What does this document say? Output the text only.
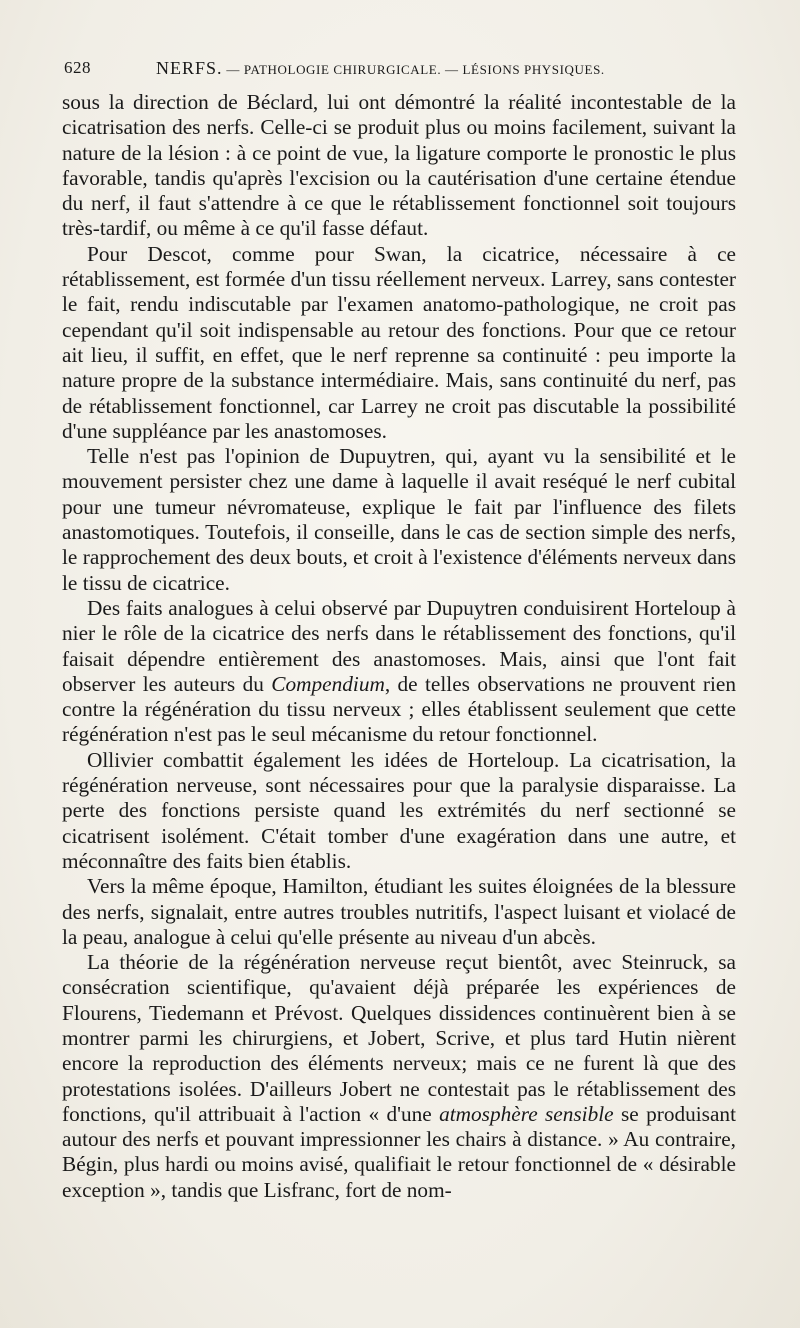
628	NERFS. — PATHOLOGIE CHIRURGICALE. — LÉSIONS PHYSIQUES.

sous la direction de Béclard, lui ont démontré la réalité incontestable de la cicatrisation des nerfs. Celle-ci se produit plus ou moins facilement, suivant la nature de la lésion : à ce point de vue, la ligature comporte le pronostic le plus favorable, tandis qu'après l'excision ou la cautérisation d'une certaine étendue du nerf, il faut s'attendre à ce que le rétablissement fonctionnel soit toujours très-tardif, ou même à ce qu'il fasse défaut.

Pour Descot, comme pour Swan, la cicatrice, nécessaire à ce rétablissement, est formée d'un tissu réellement nerveux. Larrey, sans contester le fait, rendu indiscutable par l'examen anatomo-pathologique, ne croit pas cependant qu'il soit indispensable au retour des fonctions. Pour que ce retour ait lieu, il suffit, en effet, que le nerf reprenne sa continuité : peu importe la nature propre de la substance intermédiaire. Mais, sans continuité du nerf, pas de rétablissement fonctionnel, car Larrey ne croit pas discutable la possibilité d'une suppléance par les anastomoses.

Telle n'est pas l'opinion de Dupuytren, qui, ayant vu la sensibilité et le mouvement persister chez une dame à laquelle il avait reséqué le nerf cubital pour une tumeur névromateuse, explique le fait par l'influence des filets anastomotiques. Toutefois, il conseille, dans le cas de section simple des nerfs, le rapprochement des deux bouts, et croit à l'existence d'éléments nerveux dans le tissu de cicatrice.

Des faits analogues à celui observé par Dupuytren conduisirent Horteloup à nier le rôle de la cicatrice des nerfs dans le rétablissement des fonctions, qu'il faisait dépendre entièrement des anastomoses. Mais, ainsi que l'ont fait observer les auteurs du Compendium, de telles observations ne prouvent rien contre la régénération du tissu nerveux ; elles établissent seulement que cette régénération n'est pas le seul mécanisme du retour fonctionnel.

Ollivier combattit également les idées de Horteloup. La cicatrisation, la régénération nerveuse, sont nécessaires pour que la paralysie disparaisse. La perte des fonctions persiste quand les extrémités du nerf sectionné se cicatrisent isolément. C'était tomber d'une exagération dans une autre, et méconnaître des faits bien établis.

Vers la même époque, Hamilton, étudiant les suites éloignées de la blessure des nerfs, signalait, entre autres troubles nutritifs, l'aspect luisant et violacé de la peau, analogue à celui qu'elle présente au niveau d'un abcès.

La théorie de la régénération nerveuse reçut bientôt, avec Steinruck, sa consécration scientifique, qu'avaient déjà préparée les expériences de Flourens, Tiedemann et Prévost. Quelques dissidences continuèrent bien à se montrer parmi les chirurgiens, et Jobert, Scrive, et plus tard Hutin nièrent encore la reproduction des éléments nerveux; mais ce ne furent là que des protestations isolées. D'ailleurs Jobert ne contestait pas le rétablissement des fonctions, qu'il attribuait à l'action « d'une atmosphère sensible se produisant autour des nerfs et pouvant impressionner les chairs à distance. » Au contraire, Bégin, plus hardi ou moins avisé, qualifiait le retour fonctionnel de « désirable exception », tandis que Lisfranc, fort de nom-
